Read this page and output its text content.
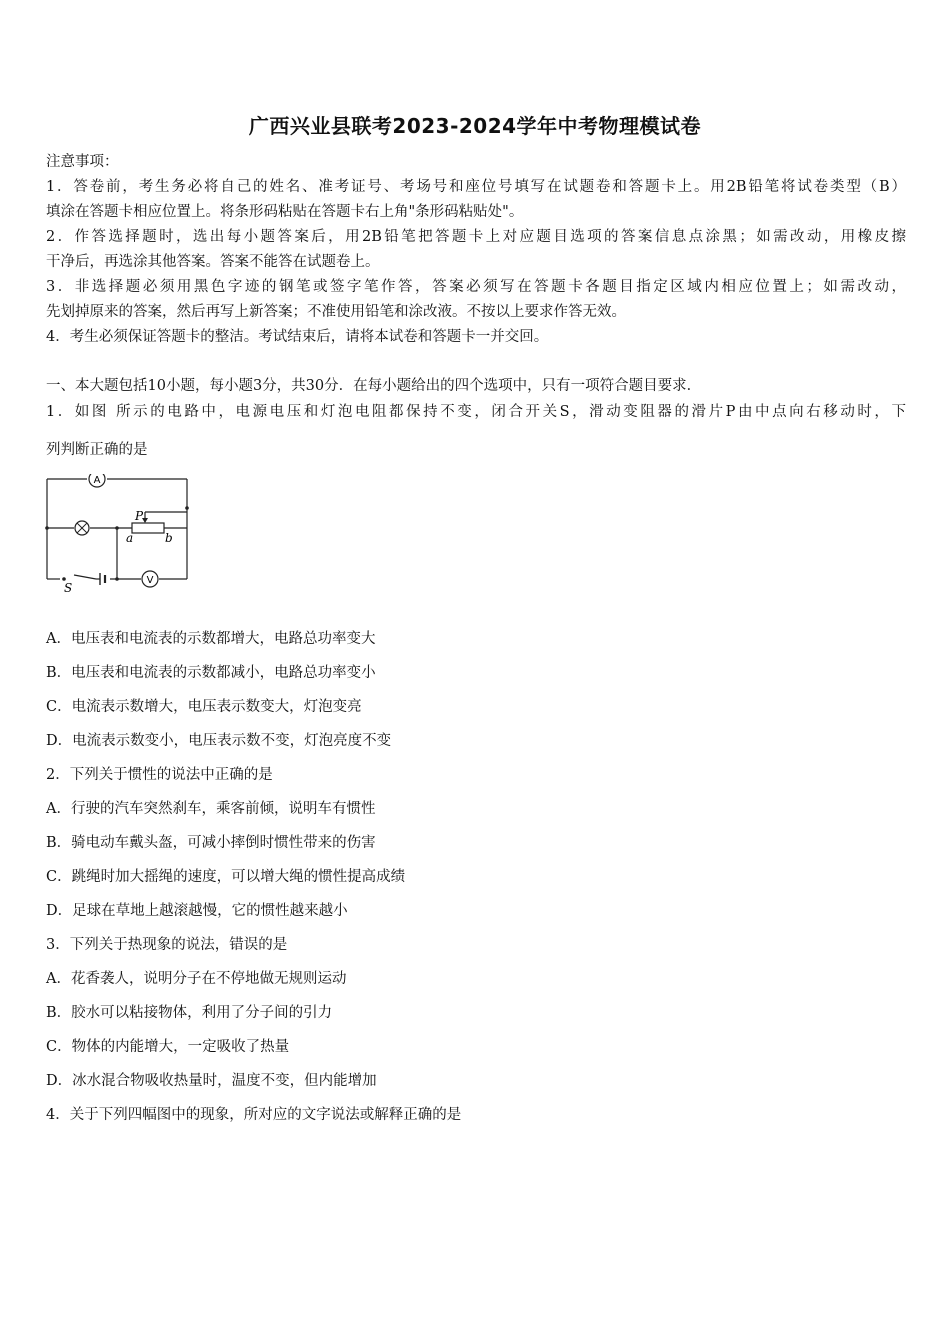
广西兴业县联考2023-2024学年中考物理模试卷
注意事项：
1．答卷前，考生务必将自己的姓名、准考证号、考场号和座位号填写在试题卷和答题卡上。用2B铅笔将试卷类型（B）
填涂在答题卡相应位置上。将条形码粘贴在答题卡右上角"条形码粘贴处"。
2．作答选择题时，选出每小题答案后，用2B铅笔把答题卡上对应题目选项的答案信息点涂黑；如需改动，用橡皮擦
干净后，再选涂其他答案。答案不能答在试题卷上。
3．非选择题必须用黑色字迹的钢笔或签字笔作答，答案必须写在答题卡各题目指定区域内相应位置上；如需改动，
先划掉原来的答案，然后再写上新答案；不准使用铅笔和涂改液。不按以上要求作答无效。
4．考生必须保证答题卡的整洁。考试结束后，请将本试卷和答题卡一并交回。
一、本大题包括10小题，每小题3分，共30分．在每小题给出的四个选项中，只有一项符合题目要求．
1．如图 所示的电路中，电源电压和灯泡电阻都保持不变，闭合开关S，滑动变阻器的滑片P由中点向右移动时，下
列判断正确的是
A
V
P
a	b
S
A．电压表和电流表的示数都增大，电路总功率变大
B．电压表和电流表的示数都减小，电路总功率变小
C．电流表示数增大，电压表示数变大，灯泡变亮
D．电流表示数变小，电压表示数不变，灯泡亮度不变
2．下列关于惯性的说法中正确的是
A．行驶的汽车突然刹车，乘客前倾，说明车有惯性
B．骑电动车戴头盔，可减小摔倒时惯性带来的伤害
C．跳绳时加大摇绳的速度，可以增大绳的惯性提高成绩
D．足球在草地上越滚越慢，它的惯性越来越小
3．下列关于热现象的说法，错误的是
A．花香袭人，说明分子在不停地做无规则运动
B．胶水可以粘接物体，利用了分子间的引力
C．物体的内能增大，一定吸收了热量
D．冰水混合物吸收热量时，温度不变，但内能增加
4．关于下列四幅图中的现象，所对应的文字说法或解释正确的是
